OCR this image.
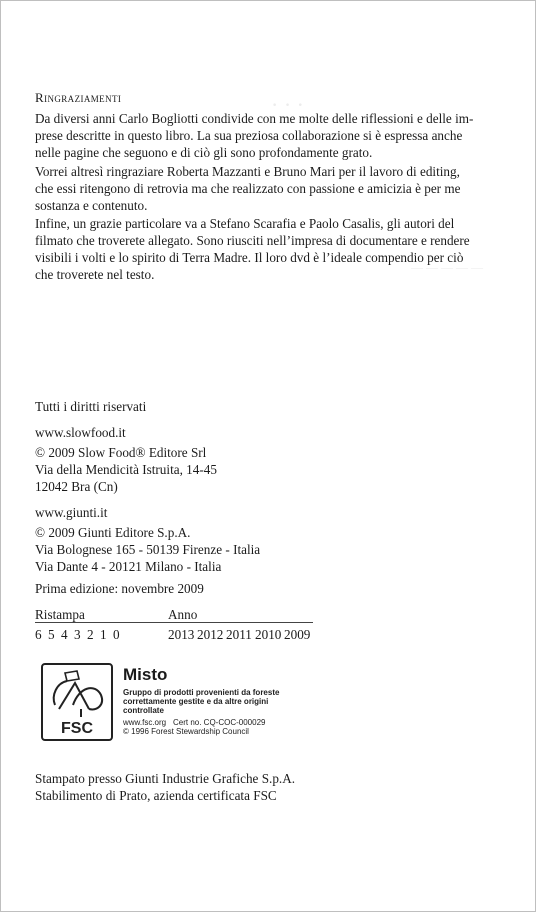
· · ·
— — — — —
Ringraziamenti
Da diversi anni Carlo Bogliotti condivide con me molte delle riflessioni e delle im-
prese descritte in questo libro. La sua preziosa collaborazione si è espressa anche
nelle pagine che seguono e di ciò gli sono profondamente grato.
Vorrei altresì ringraziare Roberta Mazzanti e Bruno Mari per il lavoro di editing,
che essi ritengono di retrovia ma che realizzato con passione e amicizia è per me
sostanza e contenuto.
Infine, un grazie particolare va a Stefano Scarafia e Paolo Casalis, gli autori del
filmato che troverete allegato. Sono riusciti nell’impresa di documentare e rendere
visibili i volti e lo spirito di Terra Madre. Il loro dvd è l’ideale compendio per ciò
che troverete nel testo.
Tutti i diritti riservati
www.slowfood.it
© 2009 Slow Food® Editore Srl
Via della Mendicità Istruita, 14-45
12042 Bra (Cn)
www.giunti.it
© 2009 Giunti Editore S.p.A.
Via Bolognese 165 - 50139 Firenze - Italia
Via Dante 4 - 20121 Milano - Italia
Prima edizione: novembre 2009
Ristampa	Anno
6 5 4 3 2 1 0	2013 2012 2011 2010 2009
FSC
Misto
Gruppo di prodotti provenienti da foreste
correttamente gestite e da altre origini
controllate
www.fsc.org Cert no. CQ-COC-000029
© 1996 Forest Stewardship Council
Stampato presso Giunti Industrie Grafiche S.p.A.
Stabilimento di Prato, azienda certificata FSC
